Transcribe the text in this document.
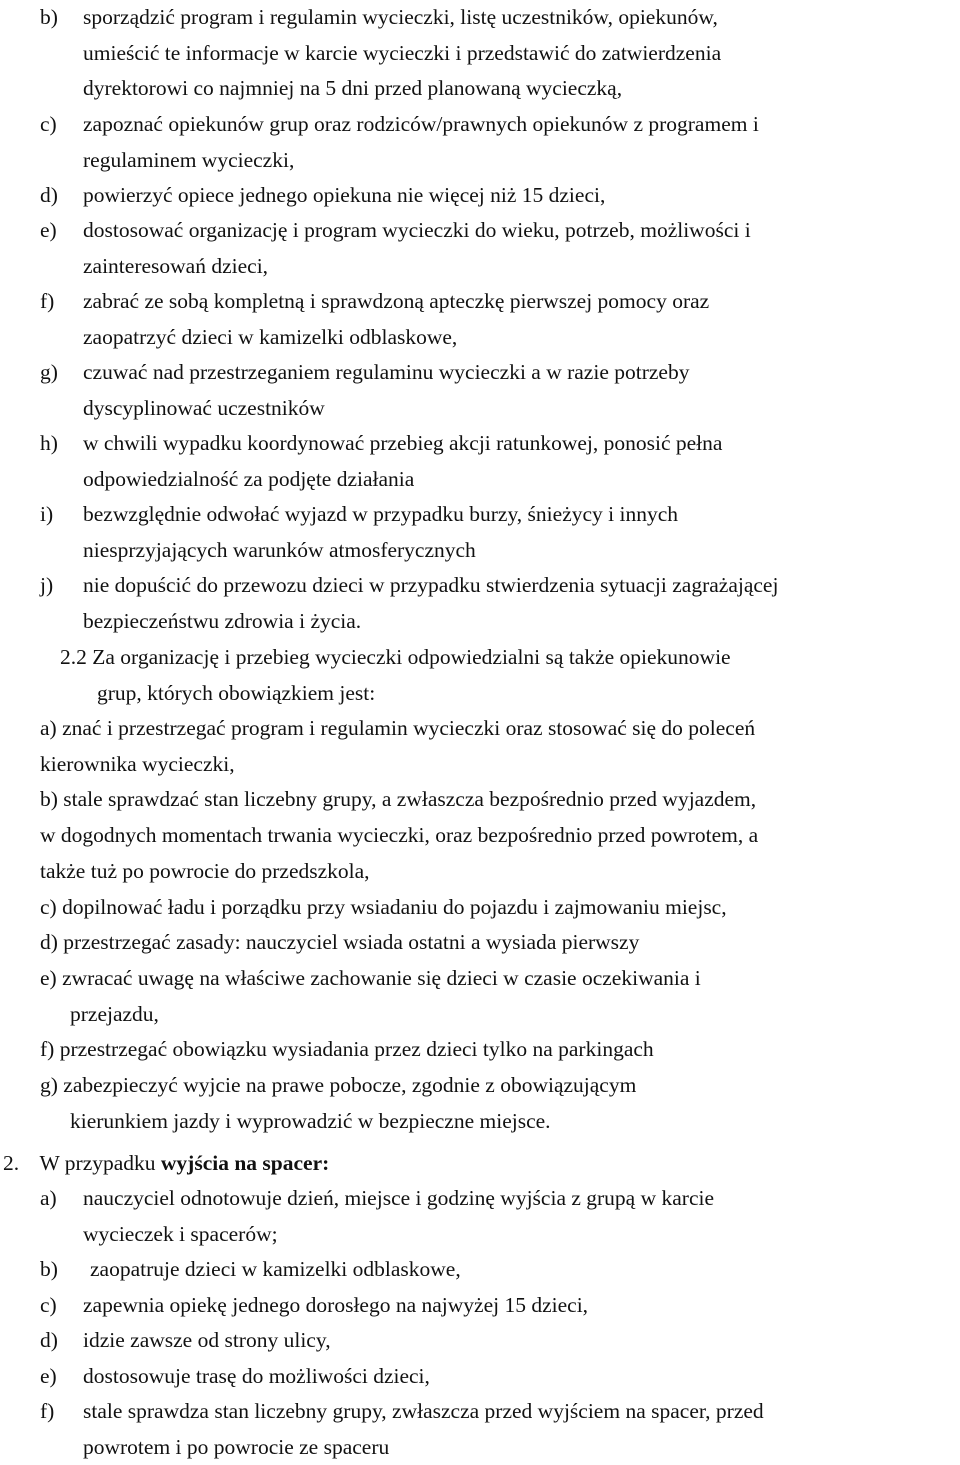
b) sporządzić program i regulamin wycieczki, listę uczestników, opiekunów,
umieścić te informacje w karcie wycieczki i przedstawić do zatwierdzenia
dyrektorowi co najmniej na 5 dni przed planowaną wycieczką,
c) zapoznać opiekunów grup oraz rodziców/prawnych opiekunów z programem i
regulaminem wycieczki,
d) powierzyć opiece jednego opiekuna nie więcej niż 15 dzieci,
e) dostosować organizację i program wycieczki do wieku, potrzeb, możliwości i
zainteresowań dzieci,
f) zabrać ze sobą kompletną i sprawdzoną apteczkę pierwszej pomocy oraz
zaopatrzyć dzieci w kamizelki odblaskowe,
g) czuwać nad przestrzeganiem regulaminu wycieczki a w razie potrzeby
dyscyplinować uczestników
h) w chwili wypadku koordynować przebieg akcji ratunkowej, ponosić pełna
odpowiedzialność za podjęte działania
i) bezwzględnie odwołać wyjazd w przypadku burzy, śnieżycy i innych
niesprzyjających warunków atmosferycznych
j) nie dopuścić do przewozu dzieci w przypadku stwierdzenia sytuacji zagrażającej
bezpieczeństwu zdrowia i życia.
2.2 Za organizację i przebieg wycieczki odpowiedzialni są także opiekunowie
grup, których obowiązkiem jest:
a) znać i przestrzegać program i regulamin wycieczki oraz stosować się do poleceń
kierownika wycieczki,
b) stale sprawdzać stan liczebny grupy, a zwłaszcza bezpośrednio przed wyjazdem,
w dogodnych momentach trwania wycieczki, oraz bezpośrednio przed powrotem, a
także tuż po powrocie do przedszkola,
c) dopilnować ładu i porządku przy wsiadaniu do pojazdu i zajmowaniu miejsc,
d) przestrzegać zasady: nauczyciel wsiada ostatni a wysiada pierwszy
e) zwracać uwagę na właściwe zachowanie się dzieci w czasie oczekiwania i
przejazdu,
f) przestrzegać obowiązku wysiadania przez dzieci tylko na parkingach
g) zabezpieczyć wyjcie na prawe pobocze, zgodnie z obowiązującym
kierunkiem jazdy i wyprowadzić w bezpieczne miejsce.
2. W przypadku wyjścia na spacer:
a) nauczyciel odnotowuje dzień, miejsce i godzinę wyjścia z grupą w karcie
wycieczek i spacerów;
b) zaopatruje dzieci w kamizelki odblaskowe,
c) zapewnia opiekę jednego dorosłego na najwyżej 15 dzieci,
d) idzie zawsze od strony ulicy,
e) dostosowuje trasę do możliwości dzieci,
f) stale sprawdza stan liczebny grupy, zwłaszcza przed wyjściem na spacer, przed
powrotem i po powrocie ze spaceru
